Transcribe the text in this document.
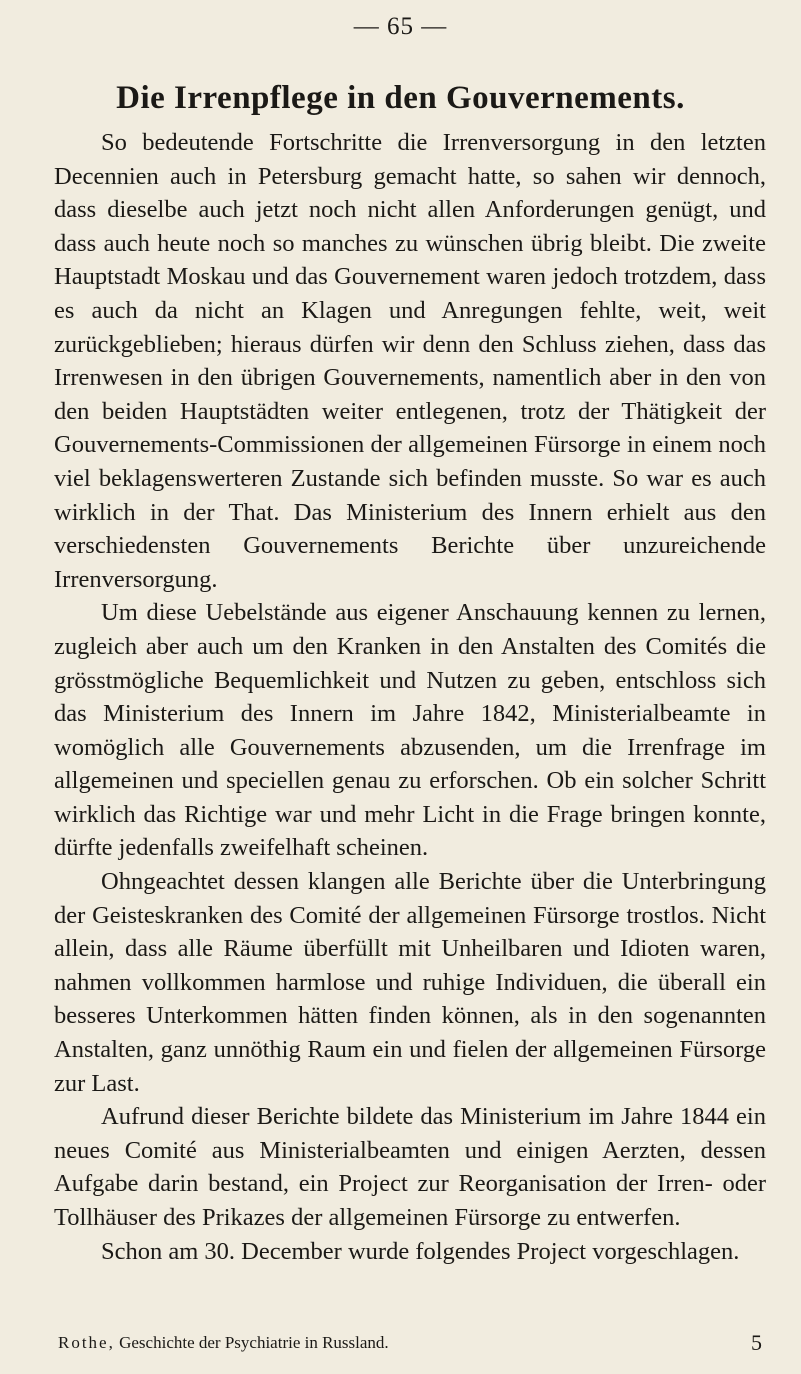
— 65 —
Die Irrenpflege in den Gouvernements.

So bedeutende Fortschritte die Irrenversorgung in den letzten Decennien auch in Petersburg gemacht hatte, so sahen wir dennoch, dass dieselbe auch jetzt noch nicht allen Anforderungen genügt, und dass auch heute noch so manches zu wünschen übrig bleibt. Die zweite Hauptstadt Moskau und das Gouvernement waren jedoch trotzdem, dass es auch da nicht an Klagen und Anregungen fehlte, weit, weit zurückgeblieben; hieraus dürfen wir denn den Schluss ziehen, dass das Irrenwesen in den übrigen Gouvernements, namentlich aber in den von den beiden Hauptstädten weiter entlegenen, trotz der Thätigkeit der Gouvernements-Commissionen der allgemeinen Fürsorge in einem noch viel beklagenswerteren Zustande sich befinden musste. So war es auch wirklich in der That. Das Ministerium des Innern erhielt aus den verschiedensten Gouvernements Berichte über unzureichende Irrenversorgung.

Um diese Uebelstände aus eigener Anschauung kennen zu lernen, zugleich aber auch um den Kranken in den Anstalten des Comités die grösstmögliche Bequemlichkeit und Nutzen zu geben, entschloss sich das Ministerium des Innern im Jahre 1842, Ministerialbeamte in womöglich alle Gouvernements abzusenden, um die Irrenfrage im allgemeinen und speciellen genau zu erforschen. Ob ein solcher Schritt wirklich das Richtige war und mehr Licht in die Frage bringen konnte, dürfte jedenfalls zweifelhaft scheinen.

Ohngeachtet dessen klangen alle Berichte über die Unterbringung der Geisteskranken des Comité der allgemeinen Fürsorge trostlos. Nicht allein, dass alle Räume überfüllt mit Unheilbaren und Idioten waren, nahmen vollkommen harmlose und ruhige Individuen, die überall ein besseres Unterkommen hätten finden können, als in den sogenannten Anstalten, ganz unnöthig Raum ein und fielen der allgemeinen Fürsorge zur Last.

Aufrund dieser Berichte bildete das Ministerium im Jahre 1844 ein neues Comité aus Ministerialbeamten und einigen Aerzten, dessen Aufgabe darin bestand, ein Project zur Reorganisation der Irren- oder Tollhäuser des Prikazes der allgemeinen Fürsorge zu entwerfen.

Schon am 30. December wurde folgendes Project vorgeschlagen.

Rothe, Geschichte der Psychiatrie in Russland.	5
